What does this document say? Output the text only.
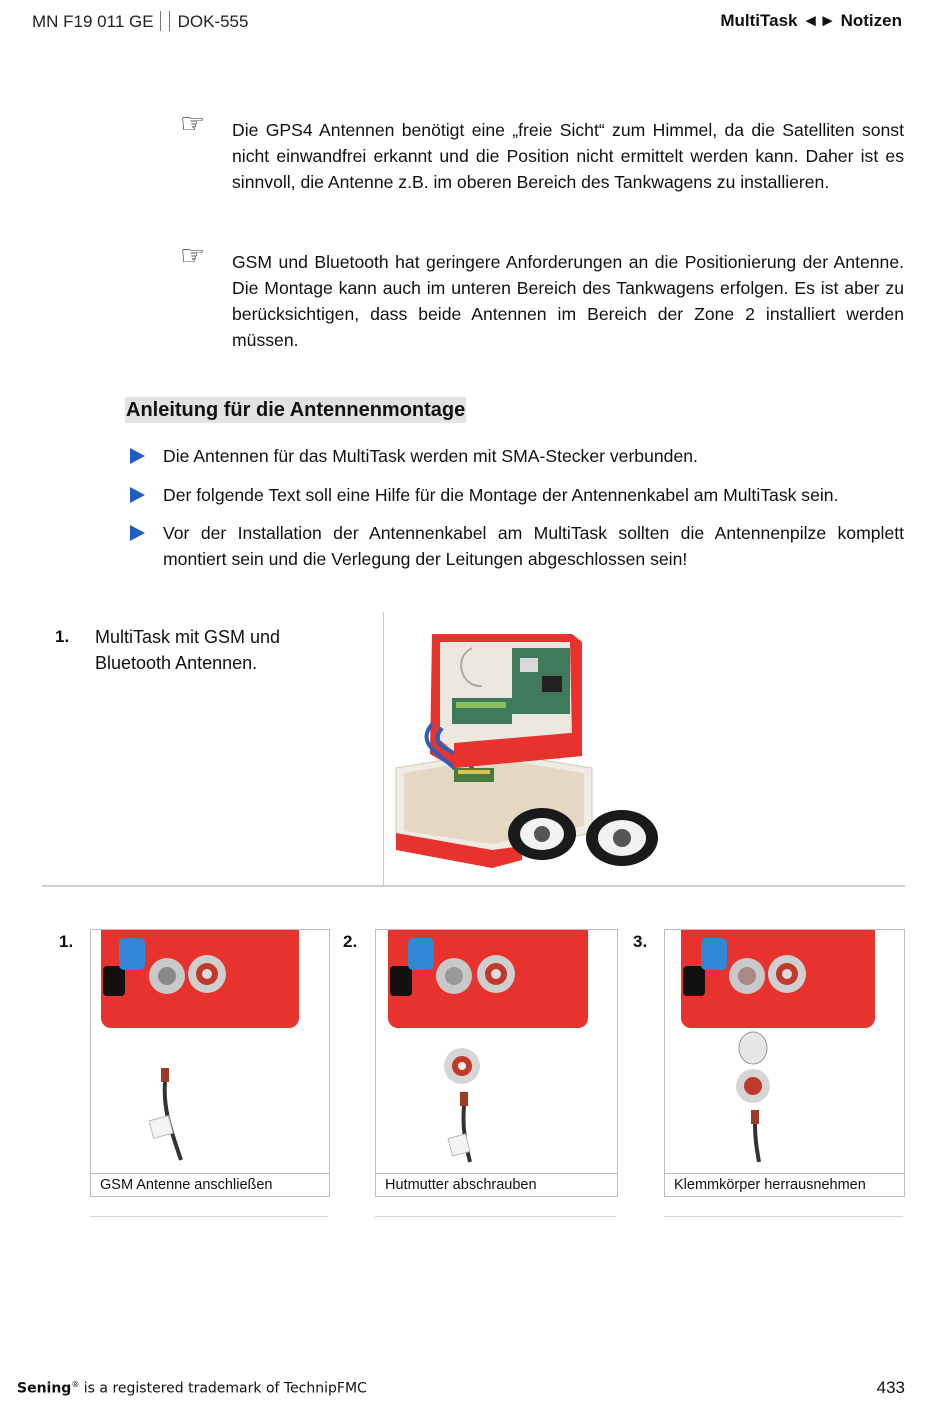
MN F19 011 GE DOK-555	MultiTask ◄► Notizen
☞ Die GPS4 Antennen benötigt eine „freie Sicht“ zum Himmel, da die Satelliten sonst nicht einwandfrei erkannt und die Position nicht ermittelt werden kann. Daher ist es sinnvoll, die Antenne z.B. im oberen Bereich des Tankwagens zu installieren.

☞ GSM und Bluetooth hat geringere Anforderungen an die Positionierung der Antenne. Die Montage kann auch im unteren Bereich des Tankwagens erfolgen. Es ist aber zu berücksichtigen, dass beide Antennen im Bereich der Zone 2 installiert werden müssen.

Anleitung für die Antennenmontage

Die Antennen für das MultiTask werden mit SMA-Stecker verbunden.

Der folgende Text soll eine Hilfe für die Montage der Antennenkabel am MultiTask sein.

Vor der Installation der Antennenkabel am MultiTask sollten die Antennenpilze komplett montiert sein und die Verlegung der Leitungen abgeschlossen sein!

1. MultiTask mit GSM und Bluetooth Antennen.
1.
GSM Antenne anschließen
2.
Hutmutter abschrauben
3.
Klemmkörper herrausnehmen
Sening® is a registered trademark of TechnipFMC	433
